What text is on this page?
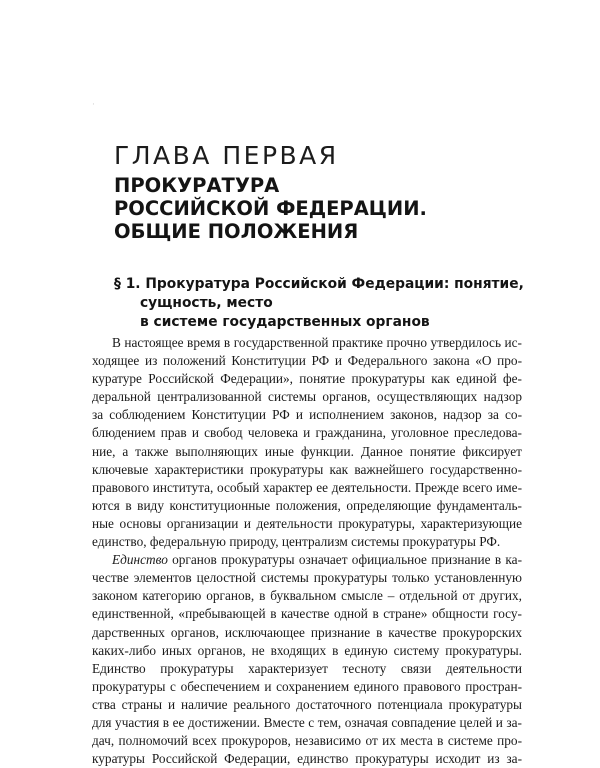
·
ГЛАВА ПЕРВАЯ
ПРОКУРАТУРА
РОССИЙСКОЙ ФЕДЕРАЦИИ.
ОБЩИЕ ПОЛОЖЕНИЯ
§ 1. Прокуратура Российской Федерации: понятие,
сущность, место
в системе государственных органов
В настоящее время в государственной практике прочно утвердилось ис-
ходящее из положений Конституции РФ и Федерального закона «О про-
куратуре Российской Федерации», понятие прокуратуры как единой фе-
деральной централизованной системы органов, осуществляющих надзор
за соблюдением Конституции РФ и исполнением законов, надзор за со-
блюдением прав и свобод человека и гражданина, уголовное преследова-
ние, а также выполняющих иные функции. Данное понятие фиксирует
ключевые характеристики прокуратуры как важнейшего государственно-
правового института, особый характер ее деятельности. Прежде всего име-
ются в виду конституционные положения, определяющие фундаменталь-
ные основы организации и деятельности прокуратуры, характеризующие
единство, федеральную природу, централизм системы прокуратуры РФ.
Единство органов прокуратуры означает официальное признание в ка-
честве элементов целостной системы прокуратуры только установленную
законом категорию органов, в буквальном смысле – отдельной от других,
единственной, «пребывающей в качестве одной в стране» общности госу-
дарственных органов, исключающее признание в качестве прокурорских
каких-либо иных органов, не входящих в единую систему прокуратуры.
Единство прокуратуры характеризует тесноту связи деятельности
прокуратуры с обеспечением и сохранением единого правового простран-
ства страны и наличие реального достаточного потенциала прокуратуры
для участия в ее достижении. Вместе с тем, означая совпадение целей и за-
дач, полномочий всех прокуроров, независимо от их места в системе про-
куратуры Российской Федерации, единство прокуратуры исходит из за-
